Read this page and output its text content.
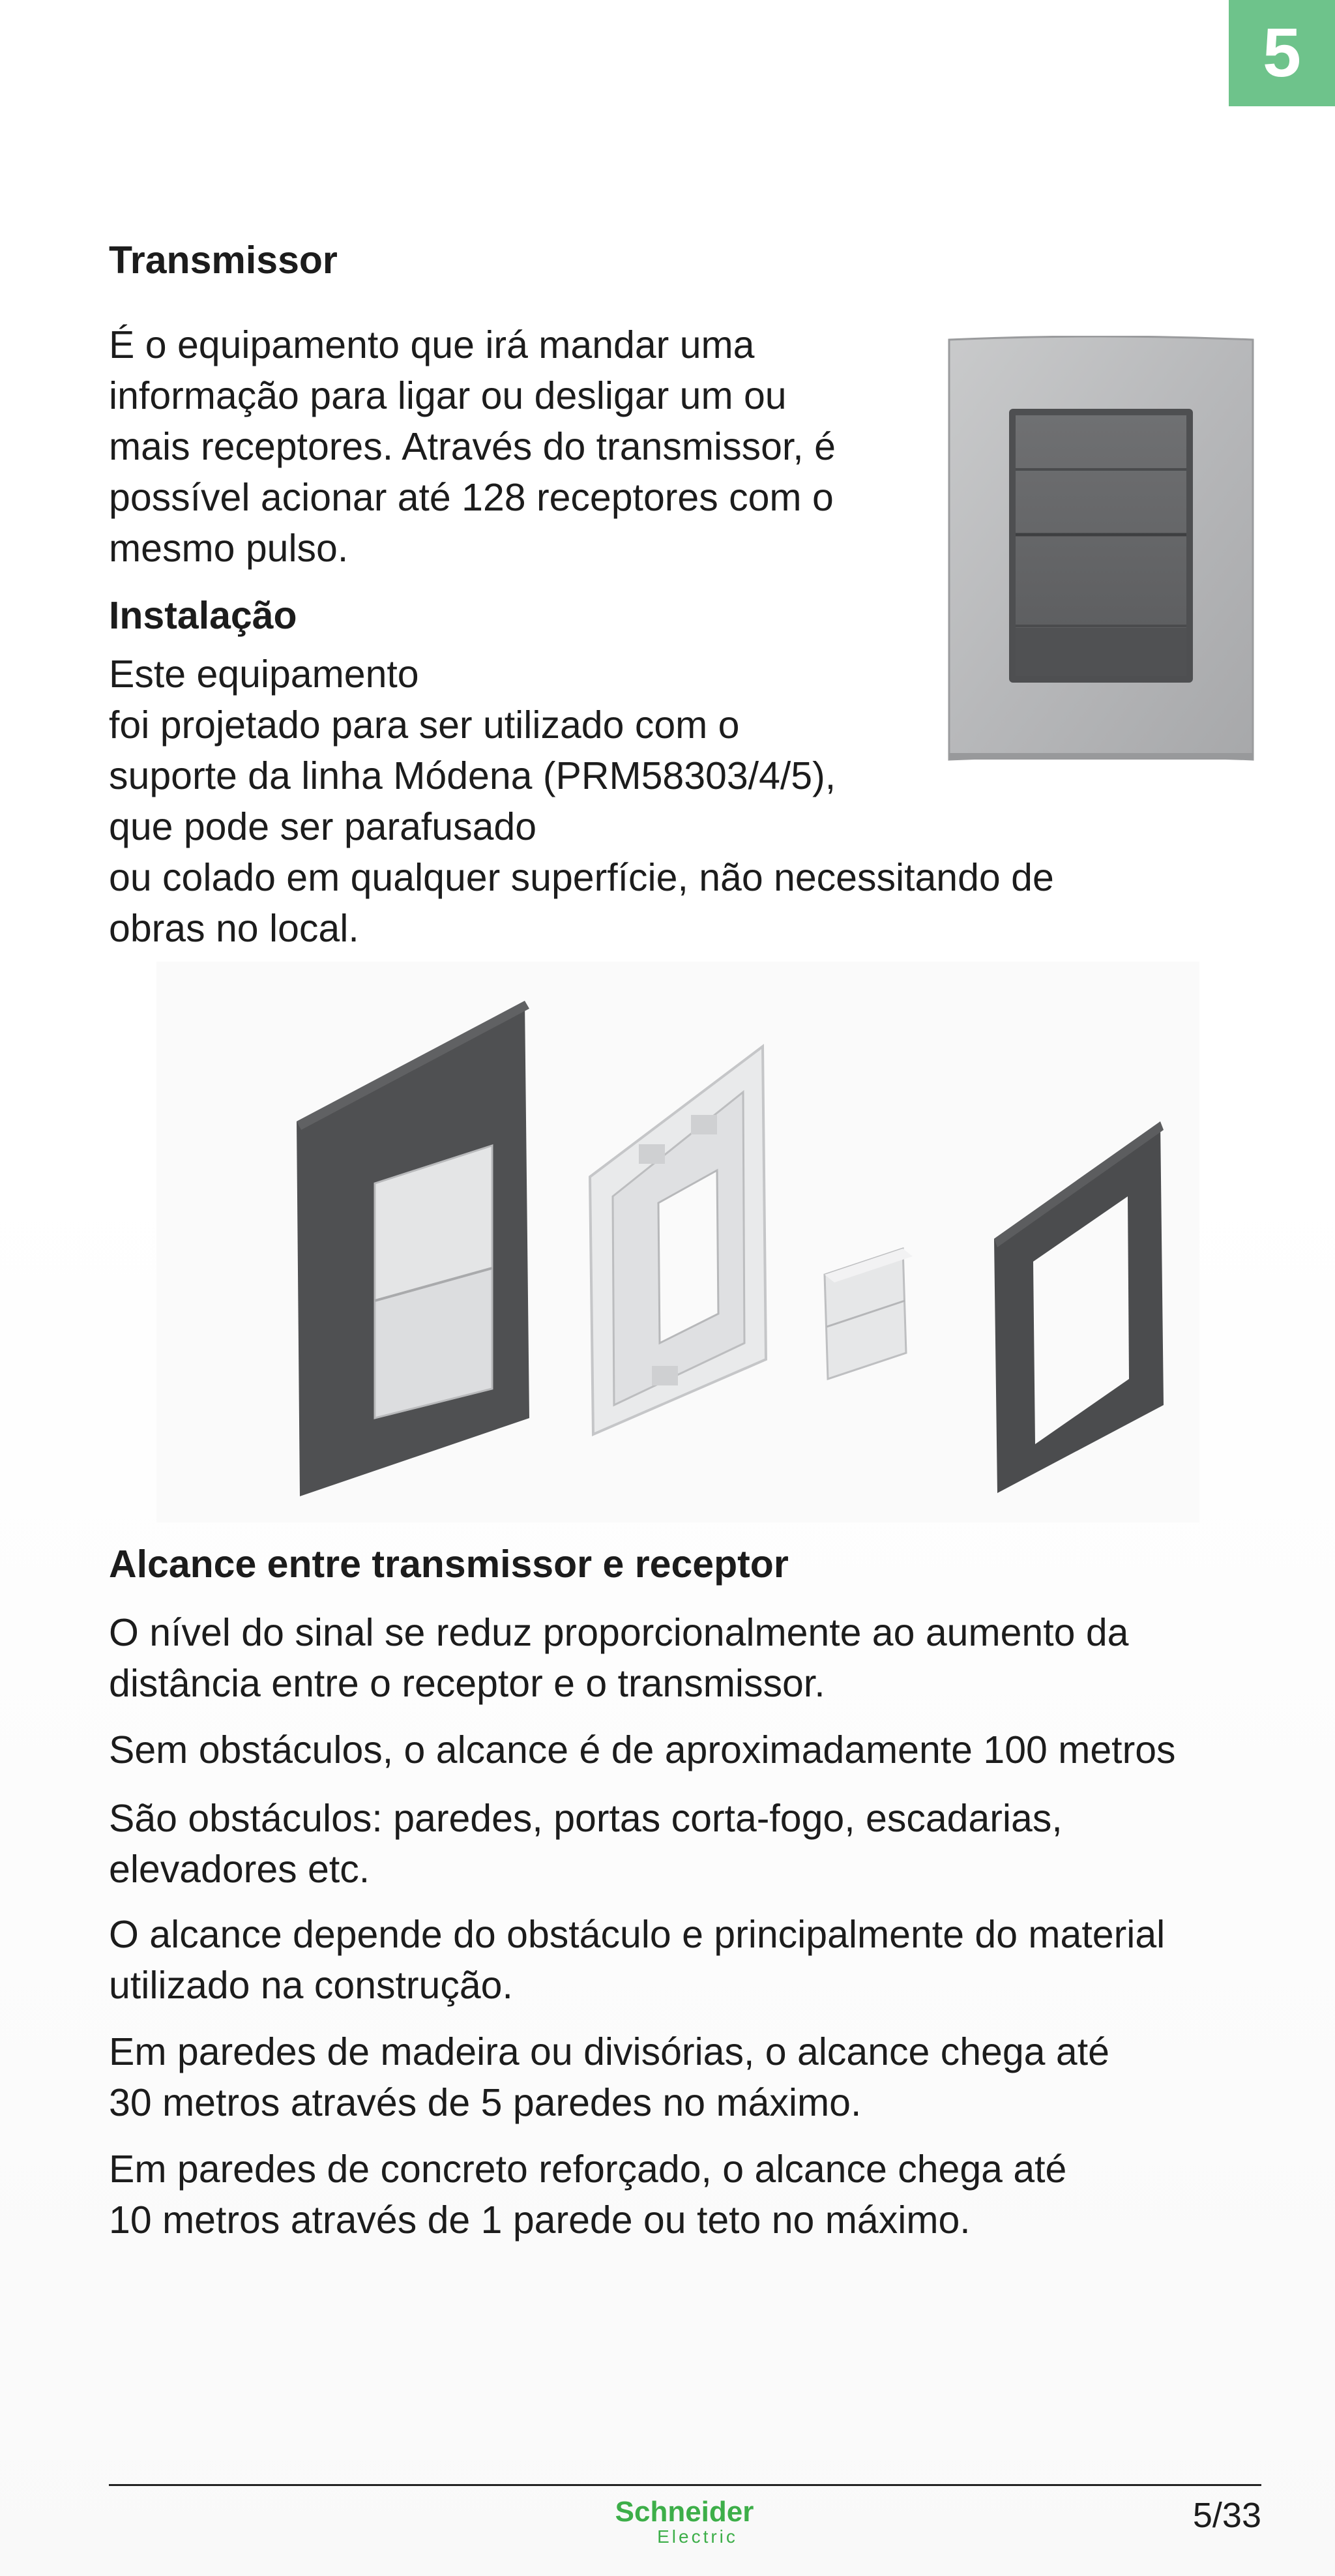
5
Transmissor
É o equipamento que irá mandar uma
informação para ligar ou desligar um ou
mais receptores. Através do transmissor, é
possível acionar até 128 receptores com o
mesmo pulso.
Instalação
Este equipamento
foi projetado para ser utilizado com o
suporte da linha Módena (PRM58303/4/5),
que pode ser parafusado
ou colado em qualquer superfície, não necessitando de
obras no local.
Alcance entre transmissor e receptor
O nível do sinal se reduz proporcionalmente ao aumento da
distância entre o receptor e o transmissor.
Sem obstáculos, o alcance é de aproximadamente 100 metros
São obstáculos: paredes, portas corta-fogo, escadarias,
elevadores etc.
O alcance depende do obstáculo e principalmente do material
utilizado na construção.
Em paredes de madeira ou divisórias, o alcance chega até
30 metros através de 5 paredes no máximo.
Em paredes de concreto reforçado, o alcance chega até
10 metros através de 1 parede ou teto no máximo.
Schneider
Electric
5/33
